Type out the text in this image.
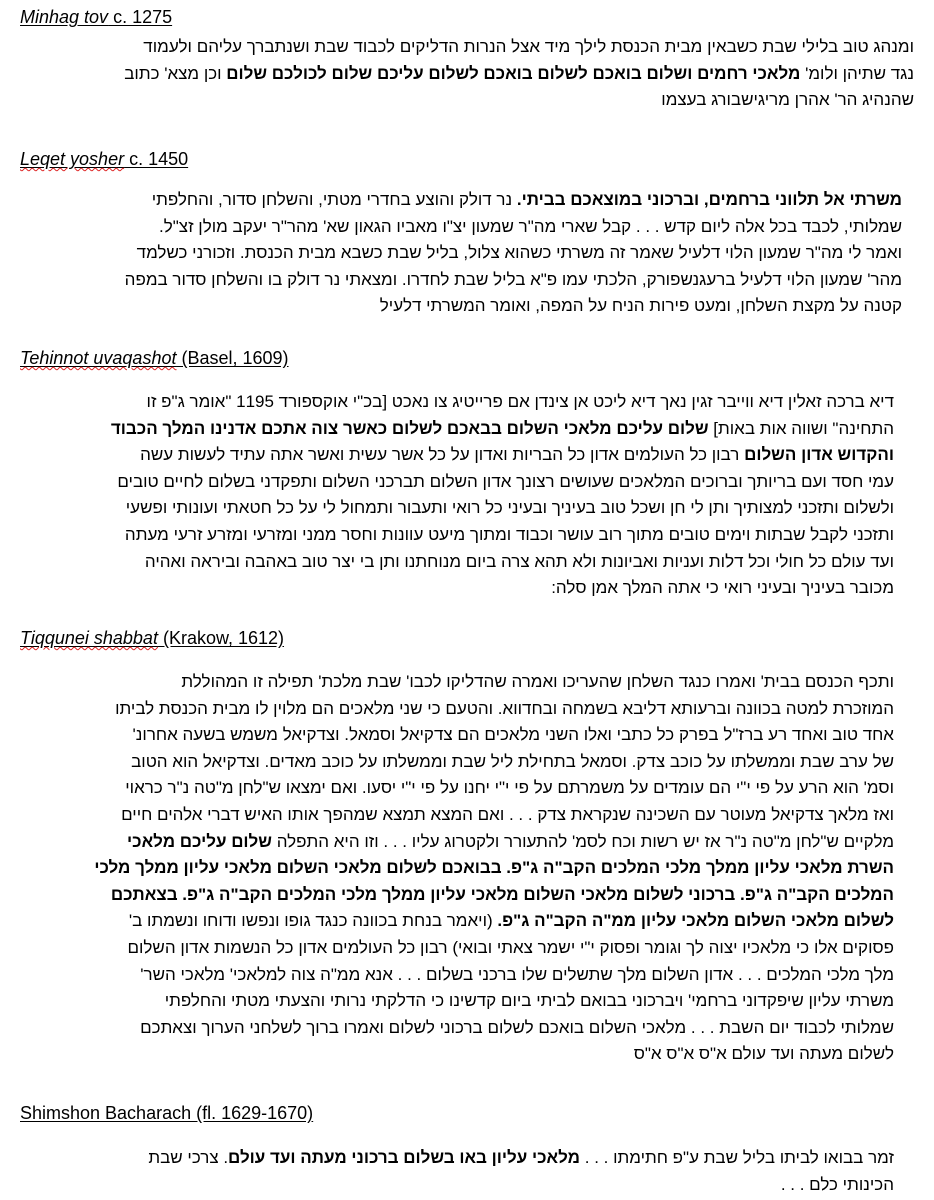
Minhag tov c. 1275

ומנהג טוב בלילי שבת כשבאין מבית הכנסת לילך מיד אצל הנרות הדליקים לכבוד שבת ושנתברך עליהם ולעמוד
נגד שתיהן ולומ' מלאכי רחמים ושלום בואכם לשלום בואכם לשלום עליכם שלום לכולכם שלום וכן מצא' כתוב
שהנהיג הר' אהרן מריגישבורג בעצמו

Leqet yosher c. 1450

משרתי אל תלווני ברחמים, וברכוני במוצאכם בביתי. נר דולק והוצע בחדרי מטתי, והשלחן סדור, והחלפתי
שמלותי, לכבד בכל אלה ליום קדש . . . קבל שארי מה"ר שמעון יצ"ו מאביו הגאון שא' מהר"ר יעקב מולן זצ"ל.
ואמר לי מה"ר שמעון הלוי דלעיל שאמר זה משרתי כשהוא צלול, בליל שבת כשבא מבית הכנסת. וזכורני כשלמד
מהר' שמעון הלוי דלעיל ברעגנשפורק, הלכתי עמו פ"א בליל שבת לחדרו. ומצאתי נר דולק בו והשלחן סדור במפה
קטנה על מקצת השלחן, ומעט פירות הניח על המפה, ואומר המשרתי דלעיל

Tehinnot uvaqashot (Basel, 1609)

דיא ברכה זאלין דיא ווייבר זגין נאך דיא ליכט אן צינדן אם פרייטיג צו נאכט [בכ"י אוקספורד 1195 "אומר ג"פ זו
התחינה" ושווה אות באות] שלום עליכם מלאכי השלום בבאכם לשלום כאשר צוה אתכם אדנינו המלך הכבוד
והקדוש אדון השלום רבון כל העולמים אדון כל הבריות ואדון על כל אשר עשית ואשר אתה עתיד לעשות עשה
עמי חסד ועם בריותך וברוכים המלאכים שעושים רצונך אדון השלום תברכני השלום ותפקדני בשלום לחיים טובים
ולשלום ותזכני למצותיך ותן לי חן ושכל טוב בעיניך ובעיני כל רואי ותעבור ותמחול לי על כל חטאתי ועונותי ופשעי
ותזכני לקבל שבתות וימים טובים מתוך רוב עושר וכבוד ומתוך מיעט עוונות וחסר ממני ומזרעי ומזרע זרעי מעתה
ועד עולם כל חולי וכל דלות ועניות ואביונות ולא תהא צרה ביום מנוחתנו ותן בי יצר טוב באהבה וביראה ואהיה
מכובר בעיניך ובעיני רואי כי אתה המלך אמן סלה:

Tiqqunei shabbat (Krakow, 1612)

ותכף הכנסם בבית' ואמרו כנגד השלחן שהעריכו ואמרה שהדליקו לכבו' שבת מלכת' תפילה זו המהוללת
המוזכרת למטה בכוונה וברעותא דליבא בשמחה ובחדווא. והטעם כי שני מלאכים הם מלוין לו מבית הכנסת לביתו
אחד טוב ואחד רע ברז"ל בפרק כל כתבי ואלו השני מלאכים הם צדקיאל וסמאל. וצדקיאל משמש בשעה אחרונ'
של ערב שבת וממשלתו על כוכב צדק. וסמאל בתחילת ליל שבת וממשלתו על כוכב מאדים. וצדקיאל הוא הטוב
וסמ' הוא הרע על פי י"י הם עומדים על משמרתם על פי י"י יחנו על פי י"י יסעו. ואם ימצאו ש"לחן מ"טה נ"ר כראוי
ואז מלאך צדקיאל מעוטר עם השכינה שנקראת צדק . . . ואם המצא תמצא שמהפך אותו האיש דברי אלהים חיים
מלקיים ש"לחן מ"טה נ"ר אז יש רשות וכח לסמ' להתעורר ולקטרוג עליו . . . וזו היא התפלה שלום עליכם מלאכי
השרת מלאכי עליון ממלך מלכי המלכים הקב"ה ג"פ. בבואכם לשלום מלאכי השלום מלאכי עליון ממלך מלכי
המלכים הקב"ה ג"פ. ברכוני לשלום מלאכי השלום מלאכי עליון ממלך מלכי המלכים הקב"ה ג"פ. בצאתכם
לשלום מלאכי השלום מלאכי עליון ממ"ה הקב"ה ג"פ. (ויאמר בנחת בכוונה כנגד גופו ונפשו ודוחו ונשמתו ב'
פסוקים אלו כי מלאכיו יצוה לך וגומר ופסוק י"י ישמר צאתי ובואי) רבון כל העולמים אדון כל הנשמות אדון השלום
מלך מלכי המלכים . . . אדון השלום מלך שתשלים שלו ברכני בשלום . . . אנא ממ"ה צוה למלאכי' מלאכי השר'
משרתי עליון שיפקדוני ברחמי' ויברכוני בבואם לביתי ביום קדשינו כי הדלקתי נרותי והצעתי מטתי והחלפתי
שמלותי לכבוד יום השבת . . . מלאכי השלום בואכם לשלום ברכוני לשלום ואמרו ברוך לשלחני הערוך וצאתכם
לשלום מעתה ועד עולם א"ס א"ס א"ס

Shimshon Bacharach (fl. 1629-1670)

זמר בבואו לביתו בליל שבת ע"פ חתימתו . . . מלאכי עליון באו בשלום ברכוני מעתה ועד עולם. צרכי שבת
הכינותי כלם . . .
